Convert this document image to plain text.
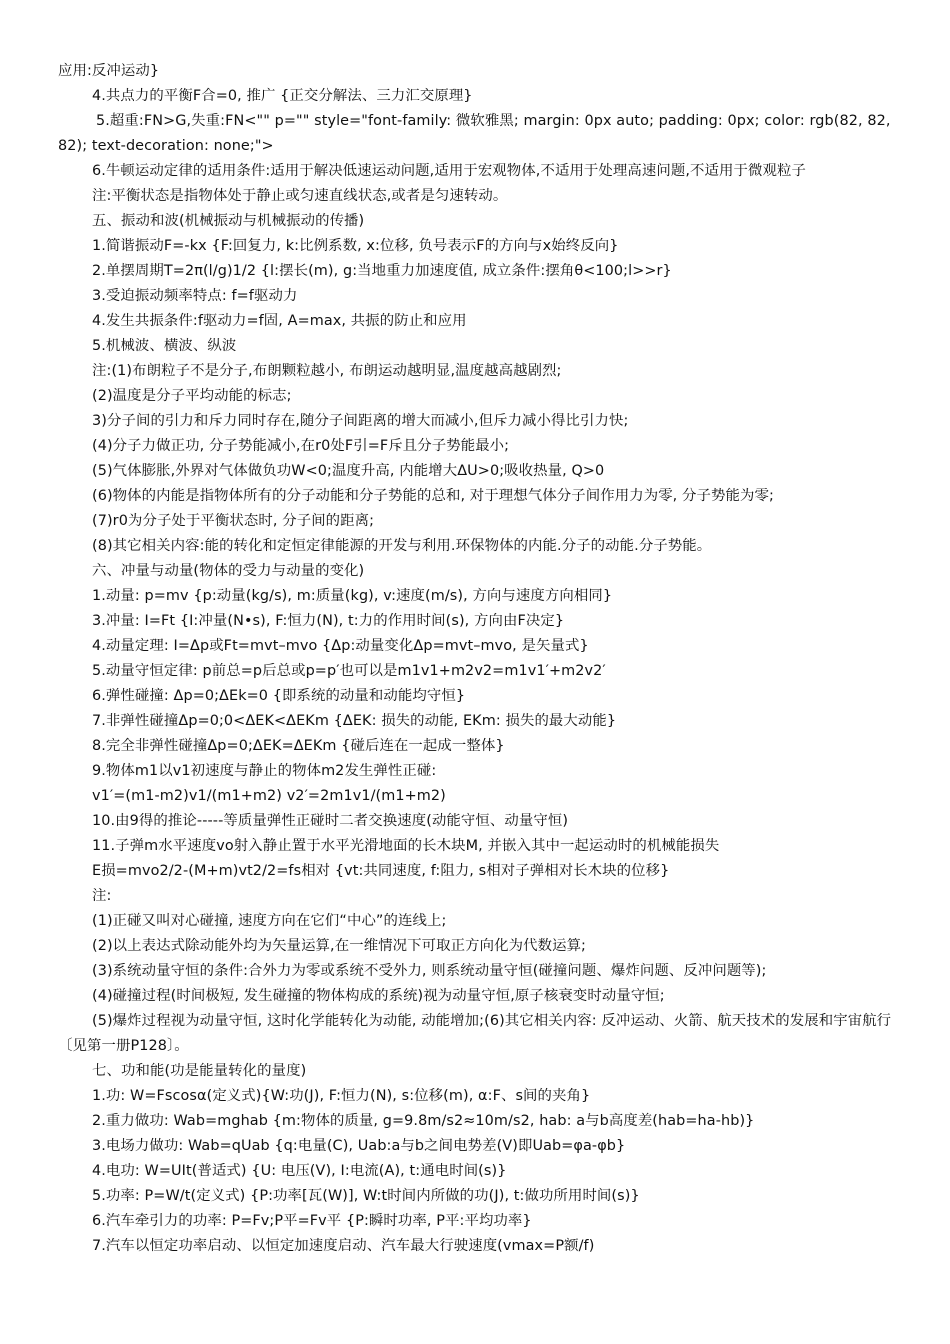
应用:反冲运动}
4.共点力的平衡F合=0, 推广 {正交分解法、三力汇交原理}
5.超重:FN>G,失重:FN<"" p="" style="font-family: 微软雅黑; margin: 0px auto; padding: 0px; color: rgb(82, 82, 82); text-decoration: none;">
6.牛顿运动定律的适用条件:适用于解决低速运动问题,适用于宏观物体,不适用于处理高速问题,不适用于微观粒子
注:平衡状态是指物体处于静止或匀速直线状态,或者是匀速转动。
五、振动和波(机械振动与机械振动的传播)
1.简谐振动F=-kx {F:回复力, k:比例系数, x:位移, 负号表示F的方向与x始终反向}
2.单摆周期T=2π(l/g)1/2 {l:摆长(m), g:当地重力加速度值, 成立条件:摆角θ<100;l>>r}
3.受迫振动频率特点: f=f驱动力
4.发生共振条件:f驱动力=f固, A=max, 共振的防止和应用
5.机械波、横波、纵波
注:(1)布朗粒子不是分子,布朗颗粒越小, 布朗运动越明显,温度越高越剧烈;
(2)温度是分子平均动能的标志;
3)分子间的引力和斥力同时存在,随分子间距离的增大而减小,但斥力减小得比引力快;
(4)分子力做正功, 分子势能减小,在r0处F引=F斥且分子势能最小;
(5)气体膨胀,外界对气体做负功W<0;温度升高, 内能增大ΔU>0;吸收热量, Q>0
(6)物体的内能是指物体所有的分子动能和分子势能的总和, 对于理想气体分子间作用力为零, 分子势能为零;
(7)r0为分子处于平衡状态时, 分子间的距离;
(8)其它相关内容:能的转化和定恒定律能源的开发与利用.环保物体的内能.分子的动能.分子势能。
六、冲量与动量(物体的受力与动量的变化)
1.动量: p=mv {p:动量(kg/s), m:质量(kg), v:速度(m/s), 方向与速度方向相同}
3.冲量: I=Ft {I:冲量(N•s), F:恒力(N), t:力的作用时间(s), 方向由F决定}
4.动量定理: I=Δp或Ft=mvt–mvo {Δp:动量变化Δp=mvt–mvo, 是矢量式}
5.动量守恒定律: p前总=p后总或p=p′也可以是m1v1+m2v2=m1v1′+m2v2′
6.弹性碰撞: Δp=0;ΔEk=0 {即系统的动量和动能均守恒}
7.非弹性碰撞Δp=0;0<ΔEK<ΔEKm {ΔEK: 损失的动能, EKm: 损失的最大动能}
8.完全非弹性碰撞Δp=0;ΔEK=ΔEKm {碰后连在一起成一整体}
9.物体m1以v1初速度与静止的物体m2发生弹性正碰:
v1′=(m1-m2)v1/(m1+m2) v2′=2m1v1/(m1+m2)
10.由9得的推论-----等质量弹性正碰时二者交换速度(动能守恒、动量守恒)
11.子弹m水平速度vo射入静止置于水平光滑地面的长木块M, 并嵌入其中一起运动时的机械能损失
E损=mvo2/2-(M+m)vt2/2=fs相对 {vt:共同速度, f:阻力, s相对子弹相对长木块的位移}
注:
(1)正碰又叫对心碰撞, 速度方向在它们“中心”的连线上;
(2)以上表达式除动能外均为矢量运算,在一维情况下可取正方向化为代数运算;
(3)系统动量守恒的条件:合外力为零或系统不受外力, 则系统动量守恒(碰撞问题、爆炸问题、反冲问题等);
(4)碰撞过程(时间极短, 发生碰撞的物体构成的系统)视为动量守恒,原子核衰变时动量守恒;
(5)爆炸过程视为动量守恒, 这时化学能转化为动能, 动能增加;(6)其它相关内容: 反冲运动、火箭、航天技术的发展和宇宙航行〔见第一册P128〕。
七、功和能(功是能量转化的量度)
1.功: W=Fscosα(定义式){W:功(J), F:恒力(N), s:位移(m), α:F、s间的夹角}
2.重力做功: Wab=mghab {m:物体的质量, g=9.8m/s2≈10m/s2, hab: a与b高度差(hab=ha-hb)}
3.电场力做功: Wab=qUab {q:电量(C), Uab:a与b之间电势差(V)即Uab=φa-φb}
4.电功: W=UIt(普适式) {U: 电压(V), I:电流(A), t:通电时间(s)}
5.功率: P=W/t(定义式) {P:功率[瓦(W)], W:t时间内所做的功(J), t:做功所用时间(s)}
6.汽车牵引力的功率: P=Fv;P平=Fv平 {P:瞬时功率, P平:平均功率}
7.汽车以恒定功率启动、以恒定加速度启动、汽车最大行驶速度(vmax=P额/f)
